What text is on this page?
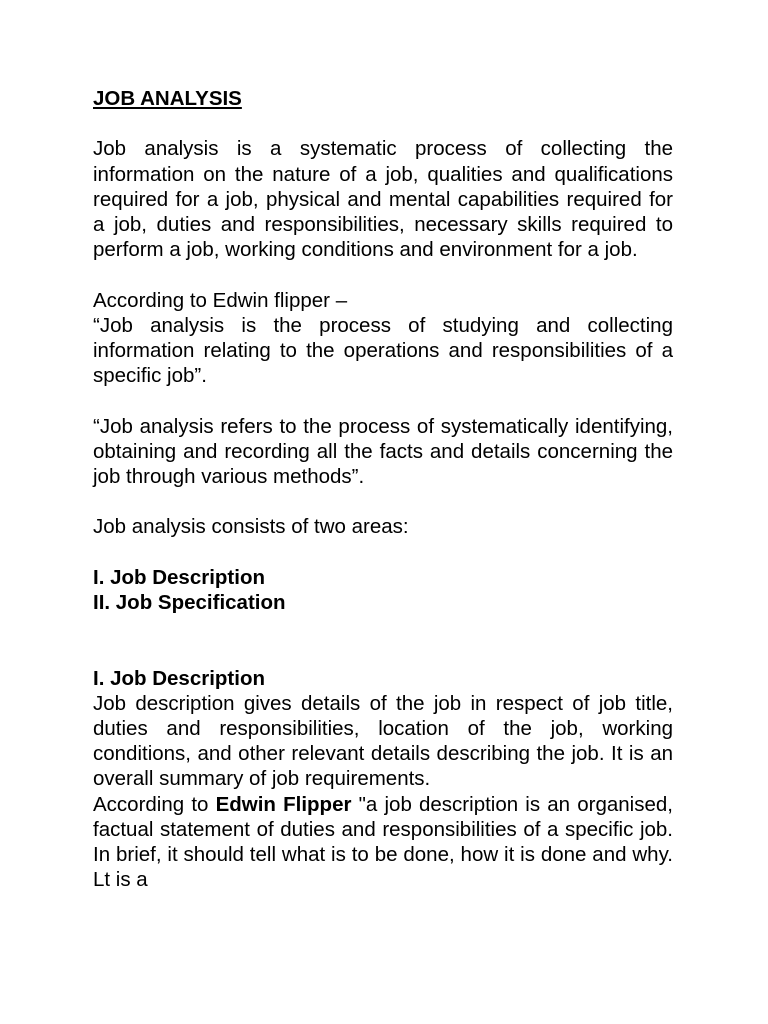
JOB ANALYSIS

Job analysis is a systematic process of collecting the information on the nature of a job, qualities and qualifications required for a job, physical and mental capabilities required for a job, duties and responsibilities, necessary skills required to perform a job, working conditions and environment for a job.

According to Edwin flipper –

“Job analysis is the process of studying and collecting information relating to the operations and responsibilities of a specific job”.

“Job analysis refers to the process of systematically identifying, obtaining and recording all the facts and details concerning the job through various methods”.

Job analysis consists of two areas:

I. Job Description

II. Job Specification

I. Job Description

Job description gives details of the job in respect of job title, duties and responsibilities, location of the job, working conditions, and other relevant details describing the job. It is an overall summary of job requirements.

According to Edwin Flipper "a job description is an organised, factual statement of duties and responsibilities of a specific job. In brief, it should tell what is to be done, how it is done and why. Lt is a
